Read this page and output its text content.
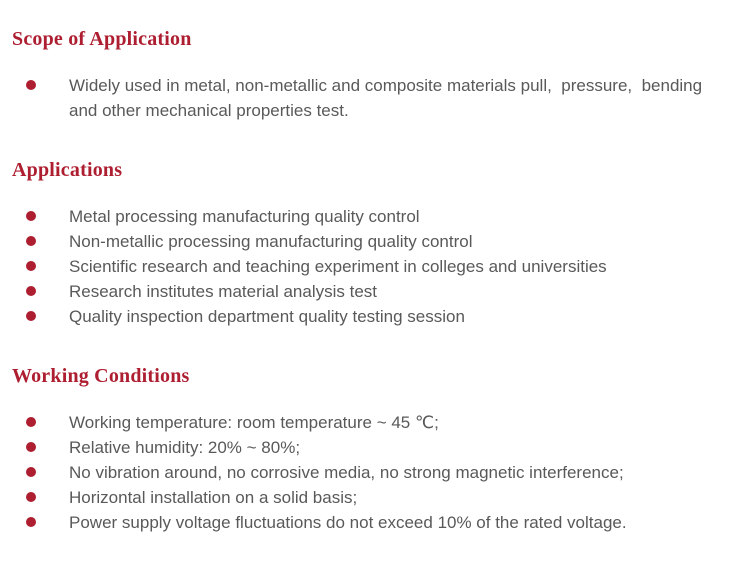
Scope of Application
Widely used in metal, non-metallic and composite materials pull,  pressure,  bending and other mechanical properties test.
Applications
Metal processing manufacturing quality control
Non-metallic processing manufacturing quality control
Scientific research and teaching experiment in colleges and universities
Research institutes material analysis test
Quality inspection department quality testing session
Working Conditions
Working temperature: room temperature ~ 45 ℃;
Relative humidity: 20% ~ 80%;
No vibration around, no corrosive media, no strong magnetic interference;
Horizontal installation on a solid basis;
Power supply voltage fluctuations do not exceed 10% of the rated voltage.
